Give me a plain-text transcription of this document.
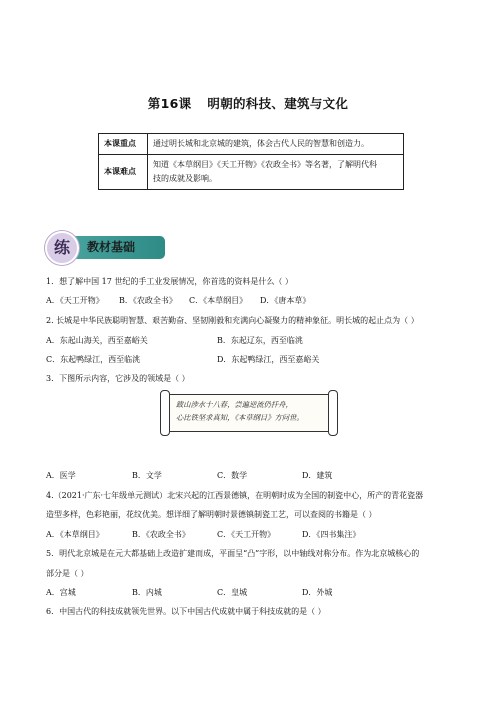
第16课 明朝的科技、建筑与文化
本课重点	通过明长城和北京城的建筑，体会古代人民的智慧和创造力。
本课难点	知道《本草纲目》《天工开物》《农政全书》等名著，了解明代科
技的成就及影响。
练	教材基础
1．想了解中国 17 世纪的手工业发展情况，你首选的资料是什么（ ）
A．《天工开物》 B．《农政全书》 C．《本草纲目》 D．《唐本草》
2. 长城是中华民族聪明智慧、艰苦勤奋、坚韧刚毅和充满向心凝聚力的精神象征。明长城的起止点为（ ）
A．东起山海关，西至嘉峪关	B．东起辽东，西至临洮
C．东起鸭绿江，西至临洮	D．东起鸭绿江，西至嘉峪关
3．下图所示内容，它涉及的领域是（ ）
跋山涉水十八春，尝遍逆流仍扦舟，
心比铁坚求真知，《本草纲目》方问世。
A．医学	B．文学	C．数学	D．建筑
4.（2021·广东·七年级单元测试）北宋兴起的江西景德镇，在明朝时成为全国的制瓷中心，所产的青花瓷器
造型多样，色彩艳丽，花纹优美。想详细了解明朝时景德镇制瓷工艺，可以查阅的书籍是（ ）
A．《本草纲目》	B．《农政全书》	C．《天工开物》	D．《四书集注》
5．明代北京城是在元大都基础上改造扩建而成，平面呈“凸”字形，以中轴线对称分布。作为北京城核心的
部分是（ ）
A．宫城	B．内城	C．皇城	D．外城
6．中国古代的科技成就领先世界。以下中国古代成就中属于科技成就的是（ ）
